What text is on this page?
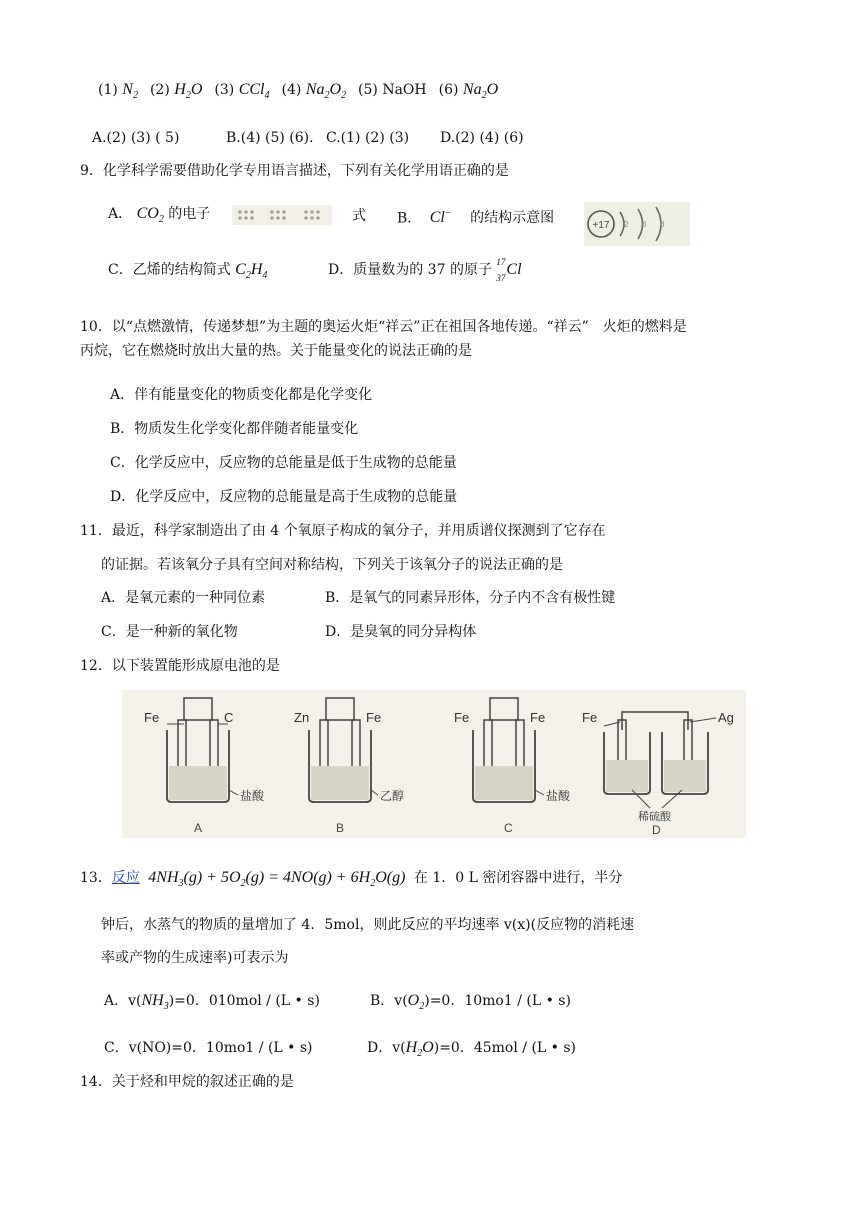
(1) $N_2$ (2) $H_2O$ (3) CCl$_4$ (4) $Na_2O_2$ (5) NaOH (6) $Na_2O$
A.(2) (3) ( 5)	B.(4) (5) (6). C.(1) (2) (3) D.(2) (4) (6)
9．化学科学需要借助化学专用语言描述，下列有关化学用语正确的是
A． $CO_2$ 的电子	式 B． Cl− 的结构示意图	+17 2 8 8
C．乙烯的结构简式 $C_2H_4$	D．质量数为的 37 的原子 17
37 Cl
10．以“点燃激情，传递梦想”为主题的奥运火炬“祥云”正在祖国各地传递。“祥云”　火炬的燃料是
丙烷，它在燃烧时放出大量的热。关于能量变化的说法正确的是
A．伴有能量变化的物质变化都是化学变化
B．物质发生化学变化都伴随者能量变化
C．化学反应中，反应物的总能量是低于生成物的总能量
D．化学反应中，反应物的总能量是高于生成物的总能量
11．最近，科学家制造出了由 4 个氧原子构成的氧分子，并用质谱仪探测到了它存在
的证据。若该氧分子具有空间对称结构，下列关于该氧分子的说法正确的是
A．是氧元素的一种同位素	B．是氧气的同素异形体，分子内不含有极性键
C．是一种新的氧化物	D．是臭氧的同分异构体
12．以下装置能形成原电池的是
Fe	C
盐酸
A
Zn	Fe
乙醇
B
Fe	Fe
盐酸
C
Fe	Ag
稀硫酸
D
13．反应 $4NH_3(g) + 5O_2(g) = 4NO(g) + 6H_2O(g)$ 在 1．0 L 密闭容器中进行，半分
钟后，水蒸气的物质的量增加了 4．5mol，则此反应的平均速率 v(x)(反应物的消耗速
率或产物的生成速率)可表示为
A．$v(NH_3)=0$．010mol / (L • s)	B．$v(O_2)=0$．10mo1 / (L • s)
C．v(NO)=0．10mo1 / (L • s)	D．$v(H_2O)=0$．45mol / (L • s)
14．关于烃和甲烷的叙述正确的是
